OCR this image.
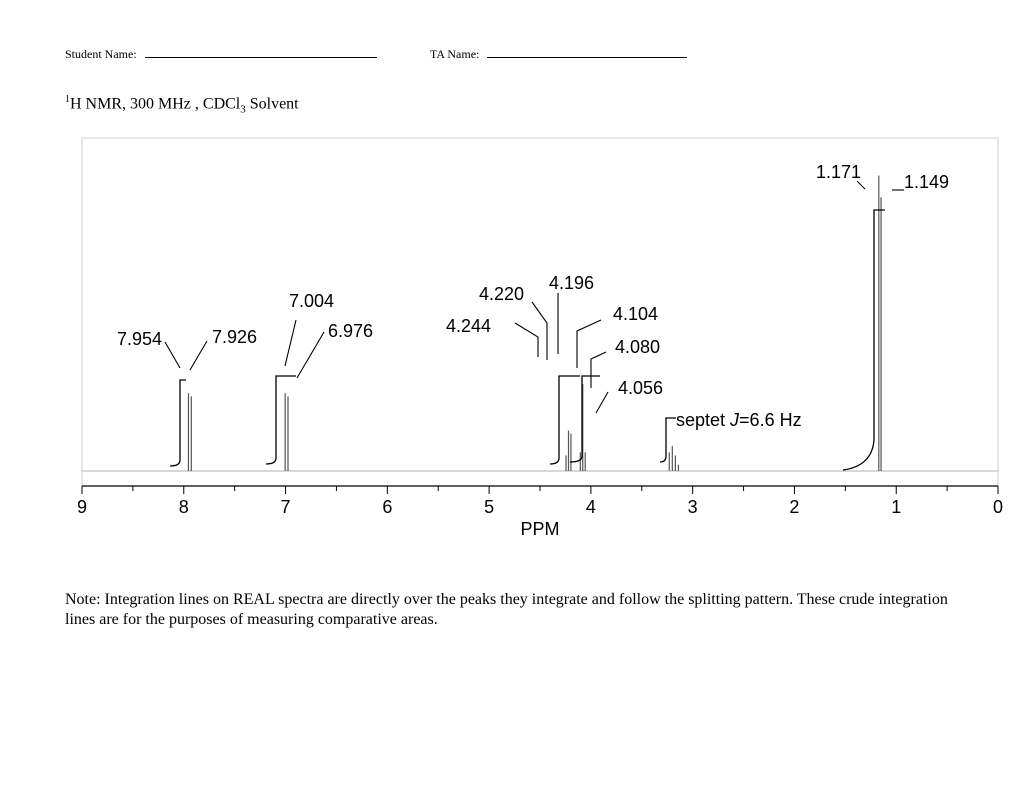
Student Name:	TA Name:
$^1$H NMR, 300 MHz , CDCl$_3$ Solvent
9	8	7	6	5	4	3	2	1	0
7.954	7.926
7.004
6.976	4.244
4.220
4.196
4.104
4.080
4.056
1.171 1.149
septet J=6.6 Hz
PPM
Note: Integration lines on REAL spectra are directly over the peaks they integrate and follow the splitting pattern. These crude integration lines are for the purposes of measuring comparative areas.
